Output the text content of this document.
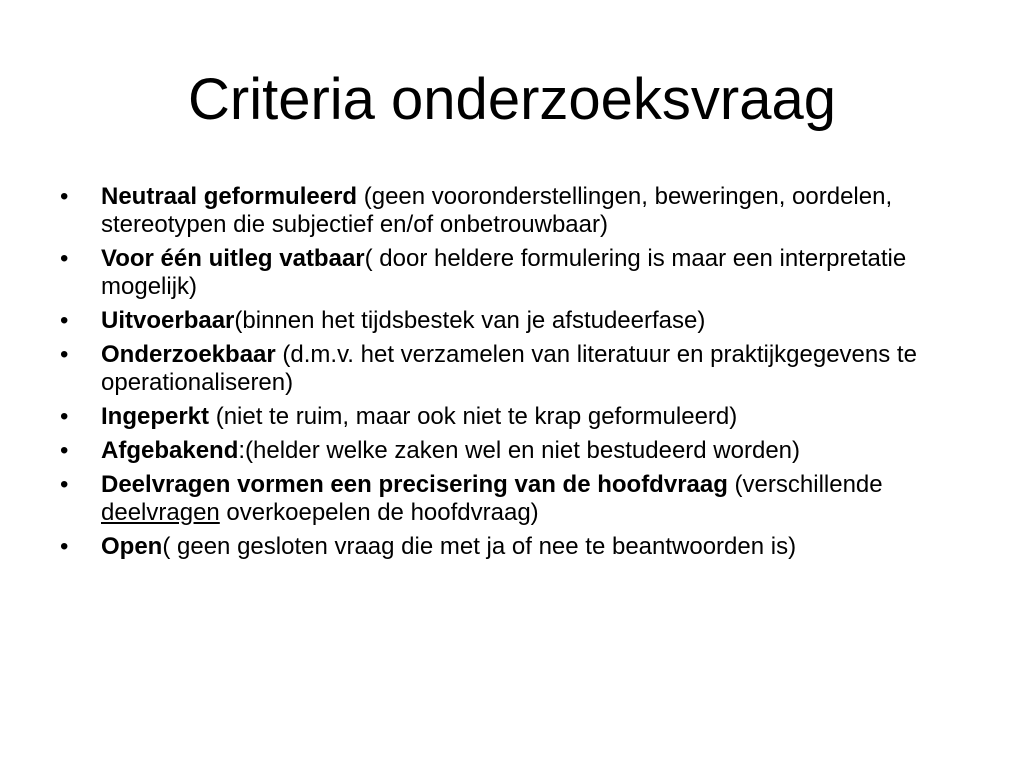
Criteria onderzoeksvraag
•	Neutraal geformuleerd (geen vooronderstellingen, beweringen, oordelen, stereotypen die subjectief en/of onbetrouwbaar)
•	Voor één uitleg vatbaar( door heldere formulering is maar een interpretatie mogelijk)
•	Uitvoerbaar(binnen het tijdsbestek van je afstudeerfase)
•	Onderzoekbaar (d.m.v. het verzamelen van literatuur en praktijkgegevens te operationaliseren)
•	Ingeperkt (niet te ruim, maar ook niet te krap geformuleerd)
•	Afgebakend:(helder welke zaken wel en niet bestudeerd worden)
•	Deelvragen vormen een precisering van de hoofdvraag (verschillende deelvragen overkoepelen de hoofdvraag)
•	Open( geen gesloten vraag die met ja of nee te beantwoorden is)
